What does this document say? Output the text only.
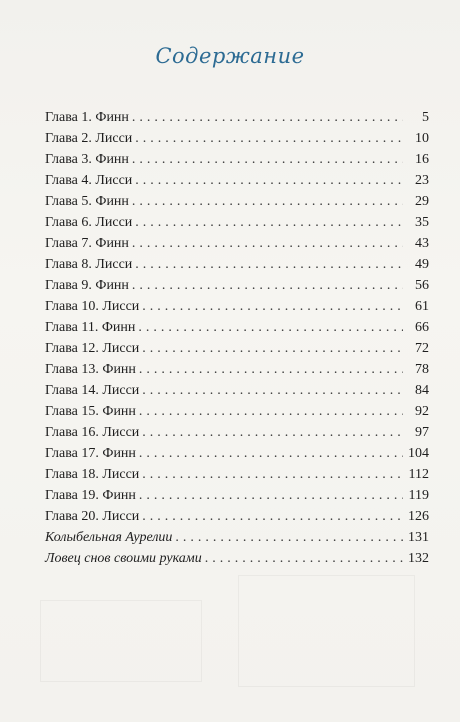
Содержание
Глава 1. Финн .....	5
Глава 2. Лисси .....	10
Глава 3. Финн .....	16
Глава 4. Лисси .....	23
Глава 5. Финн .....	29
Глава 6. Лисси .....	35
Глава 7. Финн .....	43
Глава 8. Лисси .....	49
Глава 9. Финн .....	56
Глава 10. Лисси .....	61
Глава 11. Финн .....	66
Глава 12. Лисси .....	72
Глава 13. Финн .....	78
Глава 14. Лисси .....	84
Глава 15. Финн .....	92
Глава 16. Лисси .....	97
Глава 17. Финн .....	104
Глава 18. Лисси .....	112
Глава 19. Финн .....	119
Глава 20. Лисси .....	126
Колыбельная Аурелии .....	131
Ловец снов своими руками .....	132
